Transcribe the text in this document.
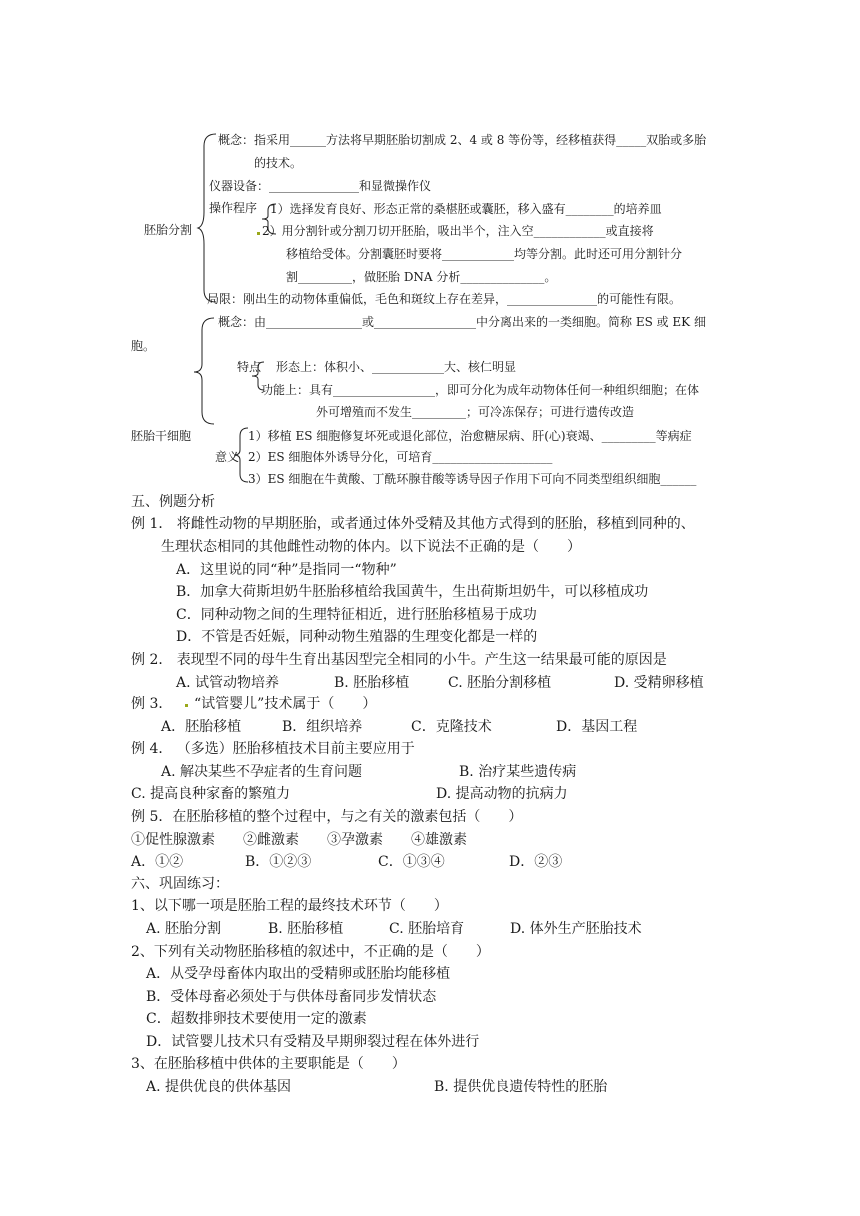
胚胎分割
概念：指采用______方法将早期胚胎切割成 2、4 或 8 等份等，经移植获得_____双胎或多胎
的技术。
仪器设备：_______________和显微操作仪
操作程序 1）选择发育良好、形态正常的桑椹胚或囊胚，移入盛有________的培养皿
2）用分割针或分割刀切开胚胎，吸出半个，注入空____________或直接将
移植给受体。分割囊胚时要将____________均等分割。此时还可用分割针分
割_________，做胚胎 DNA 分析______________。
局限：刚出生的动物体重偏低，毛色和斑纹上存在差异，_______________的可能性有限。
概念：由________________或_________________中分离出来的一类细胞。简称 ES 或 EK 细
胞。
特点 形态上：体积小、____________大、核仁明显
功能上：具有_________________，即可分化为成年动物体任何一种组织细胞；在体
外可增殖而不发生_________；可冷冻保存；可进行遗传改造
胚胎干细胞
意义
1）移植 ES 细胞修复坏死或退化部位，治愈糖尿病、肝(心)衰竭、_________等病症
2）ES 细胞体外诱导分化，可培育____________________
3）ES 细胞在牛黄酸、丁酰环腺苷酸等诱导因子作用下可向不同类型组织细胞______
五、例题分析
例 1． 将雌性动物的早期胚胎，或者通过体外受精及其他方式得到的胚胎，移植到同种的、
生理状态相同的其他雌性动物的体内。以下说法不正确的是（　　）
A．这里说的同“种”是指同一“物种”
B．加拿大荷斯坦奶牛胚胎移植给我国黄牛，生出荷斯坦奶牛，可以移植成功
C．同种动物之间的生理特征相近，进行胚胎移植易于成功
D．不管是否妊娠，同种动物生殖器的生理变化都是一样的
例 2． 表现型不同的母牛生育出基因型完全相同的小牛。产生这一结果最可能的原因是
A. 试管动物培养	B. 胚胎移植	C. 胚胎分割移植	D. 受精卵移植
例 3． “试管婴儿”技术属于（　　）
A．胚胎移植	B．组织培养	C．克隆技术	D．基因工程
例 4． （多选）胚胎移植技术目前主要应用于
A. 解决某些不孕症者的生育问题	B. 治疗某些遗传病
C. 提高良种家畜的繁殖力	D. 提高动物的抗病力
例 5．在胚胎移植的整个过程中，与之有关的激素包括（　　）
①促性腺激素　　②雌激素　　③孕激素　　④雄激素
A．①②	B．①②③	C．①③④	D．②③
六、巩固练习：
1、以下哪一项是胚胎工程的最终技术环节（　　）
A. 胚胎分割	B. 胚胎移植	C. 胚胎培育	D. 体外生产胚胎技术
2、下列有关动物胚胎移植的叙述中，不正确的是（　　）
A．从受孕母畜体内取出的受精卵或胚胎均能移植
B．受体母畜必须处于与供体母畜同步发情状态
C．超数排卵技术要使用一定的激素
D．试管婴儿技术只有受精及早期卵裂过程在体外进行
3、在胚胎移植中供体的主要职能是（　　）
A. 提供优良的供体基因	B. 提供优良遗传特性的胚胎
